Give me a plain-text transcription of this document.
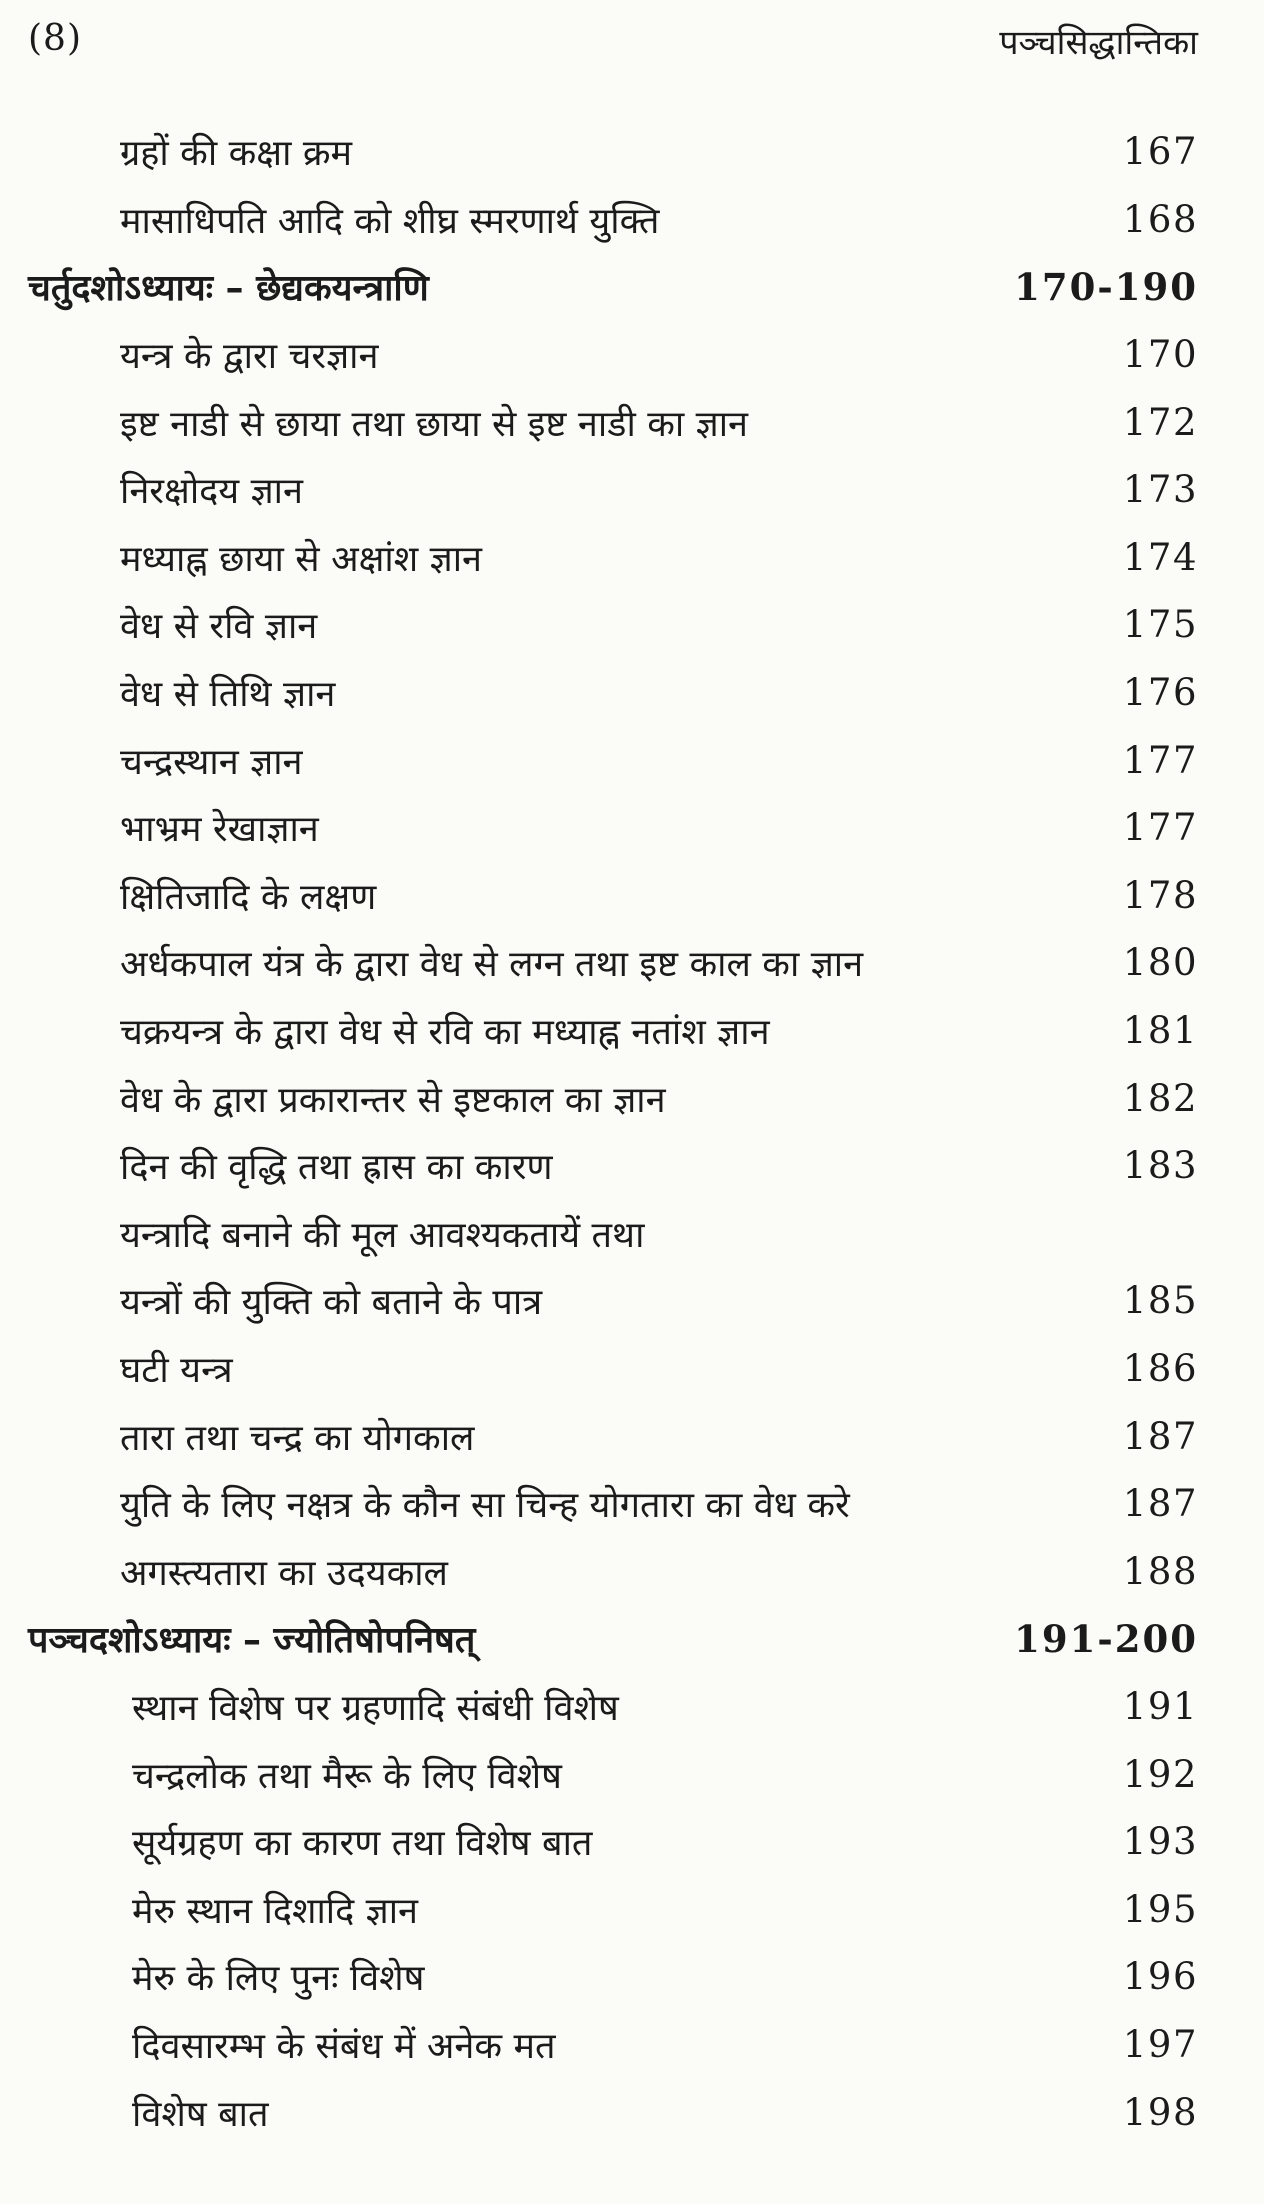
(8)	पञ्चसिद्धान्तिका
ग्रहों की कक्षा क्रम	167
मासाधिपति आदि को शीघ्र स्मरणार्थ युक्ति	168
चर्तुदशोऽध्यायः – छेद्यकयन्त्राणि	170-190
यन्त्र के द्वारा चरज्ञान	170
इष्ट नाडी से छाया तथा छाया से इष्ट नाडी का ज्ञान	172
निरक्षोदय ज्ञान	173
मध्याह्न छाया से अक्षांश ज्ञान	174
वेध से रवि ज्ञान	175
वेध से तिथि ज्ञान	176
चन्द्रस्थान ज्ञान	177
भाभ्रम रेखाज्ञान	177
क्षितिजादि के लक्षण	178
अर्धकपाल यंत्र के द्वारा वेध से लग्न तथा इष्ट काल का ज्ञान	180
चक्रयन्त्र के द्वारा वेध से रवि का मध्याह्न नतांश ज्ञान	181
वेध के द्वारा प्रकारान्तर से इष्टकाल का ज्ञान	182
दिन की वृद्धि तथा ह्रास का कारण	183
यन्त्रादि बनाने की मूल आवश्यकतायें तथा
यन्त्रों की युक्ति को बताने के पात्र	185
घटी यन्त्र	186
तारा तथा चन्द्र का योगकाल	187
युति के लिए नक्षत्र के कौन सा चिन्ह योगतारा का वेध करे	187
अगस्त्यतारा का उदयकाल	188
पञ्चदशोऽध्यायः – ज्योतिषोपनिषत्	191-200
स्थान विशेष पर ग्रहणादि संबंधी विशेष	191
चन्द्रलोक तथा मैरू के लिए विशेष	192
सूर्यग्रहण का कारण तथा विशेष बात	193
मेरु स्थान दिशादि ज्ञान	195
मेरु के लिए पुनः विशेष	196
दिवसारम्भ के संबंध में अनेक मत	197
विशेष बात	198
